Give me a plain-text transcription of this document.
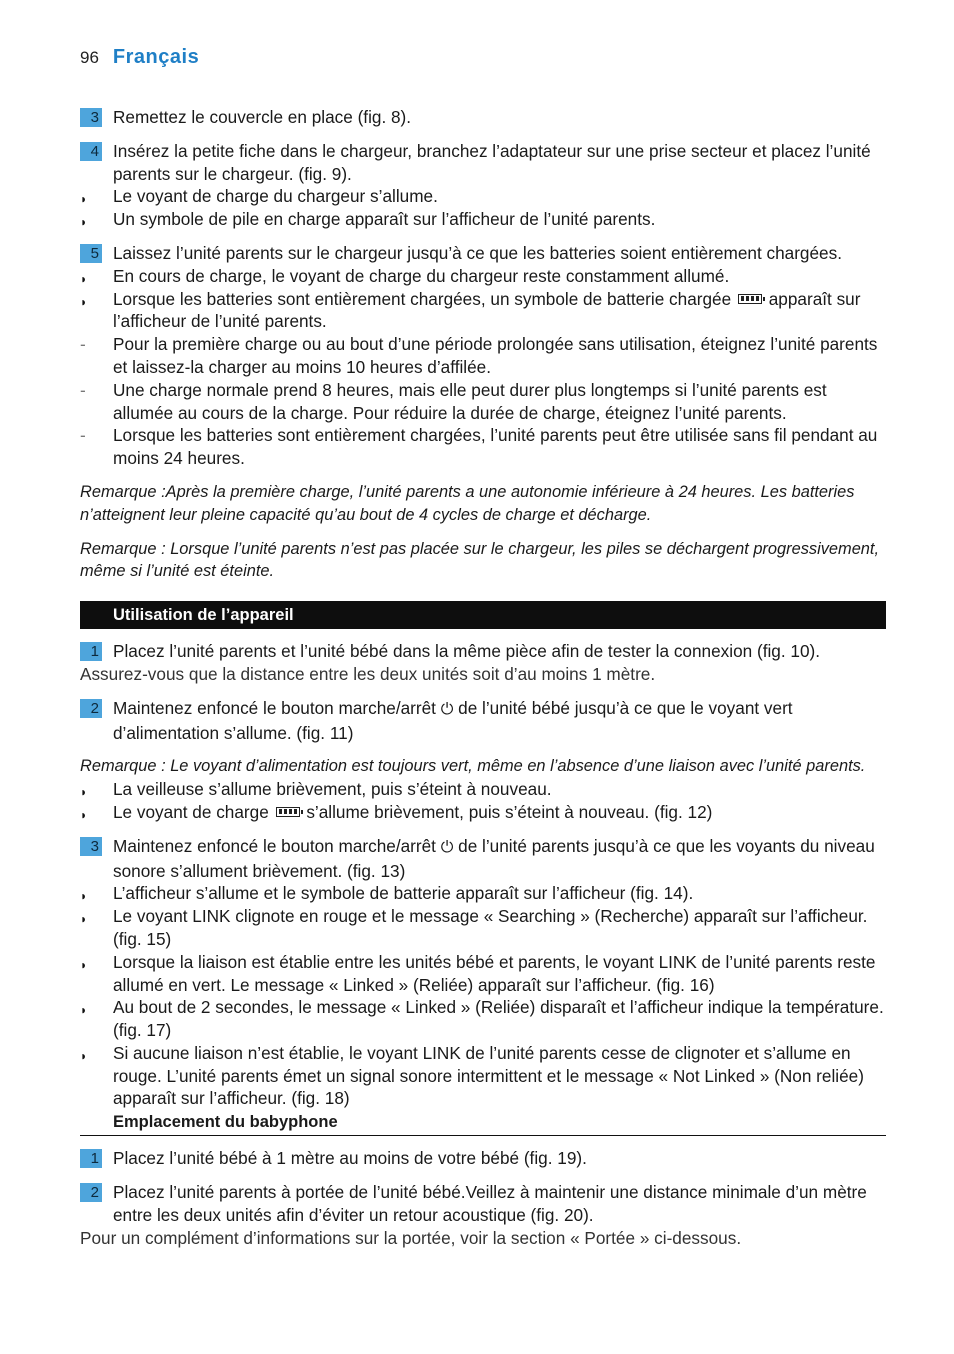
96 Français
3 Remettez le couvercle en place (fig. 8).
4 Insérez la petite fiche dans le chargeur, branchez l’adaptateur sur une prise secteur et placez l’unité parents sur le chargeur. (fig. 9).
◗	Le voyant de charge du chargeur s’allume.
◗	Un symbole de pile en charge apparaît sur l’afficheur de l’unité parents.
5 Laissez l’unité parents sur le chargeur jusqu’à ce que les batteries soient entièrement chargées.
◗	En cours de charge, le voyant de charge du chargeur reste constamment allumé.
◗	Lorsque les batteries sont entièrement chargées, un symbole de batterie chargée apparaît sur l’afficheur de l’unité parents.
-	Pour la première charge ou au bout d’une période prolongée sans utilisation, éteignez l’unité parents et laissez-la charger au moins 10 heures d’affilée.
-	Une charge normale prend 8 heures, mais elle peut durer plus longtemps si l’unité parents est allumée au cours de la charge. Pour réduire la durée de charge, éteignez l’unité parents.
-	Lorsque les batteries sont entièrement chargées, l’unité parents peut être utilisée sans fil pendant au moins 24 heures.
Remarque :Après la première charge, l’unité parents a une autonomie inférieure à 24 heures. Les batteries n’atteignent leur pleine capacité qu’au bout de 4 cycles de charge et décharge.
Remarque : Lorsque l’unité parents n’est pas placée sur le chargeur, les piles se déchargent progressivement, même si l’unité est éteinte.
Utilisation de l’appareil
1 Placez l’unité parents et l’unité bébé dans la même pièce afin de tester la connexion (fig. 10).
Assurez-vous que la distance entre les deux unités soit d’au moins 1 mètre.
2 Maintenez enfoncé le bouton marche/arrêt ⏻ de l’unité bébé jusqu’à ce que le voyant vert d’alimentation s’allume. (fig. 11)
Remarque : Le voyant d’alimentation est toujours vert, même en l’absence d’une liaison avec l’unité parents.
◗	La veilleuse s’allume brièvement, puis s’éteint à nouveau.
◗	Le voyant de charge s’allume brièvement, puis s’éteint à nouveau. (fig. 12)
3 Maintenez enfoncé le bouton marche/arrêt ⏻ de l’unité parents jusqu’à ce que les voyants du niveau sonore s’allument brièvement. (fig. 13)
◗	L’afficheur s’allume et le symbole de batterie apparaît sur l’afficheur (fig. 14).
◗	Le voyant LINK clignote en rouge et le message « Searching » (Recherche) apparaît sur l’afficheur. (fig. 15)
◗	Lorsque la liaison est établie entre les unités bébé et parents, le voyant LINK de l’unité parents reste allumé en vert. Le message « Linked » (Reliée) apparaît sur l’afficheur. (fig. 16)
◗	Au bout de 2 secondes, le message « Linked » (Reliée) disparaît et l’afficheur indique la température. (fig. 17)
◗	Si aucune liaison n’est établie, le voyant LINK de l’unité parents cesse de clignoter et s’allume en rouge. L’unité parents émet un signal sonore intermittent et le message « Not Linked » (Non reliée) apparaît sur l’afficheur. (fig. 18)
Emplacement du babyphone
1 Placez l’unité bébé à 1 mètre au moins de votre bébé (fig. 19).
2 Placez l’unité parents à portée de l’unité bébé.Veillez à maintenir une distance minimale d’un mètre entre les deux unités afin d’éviter un retour acoustique (fig. 20).
Pour un complément d’informations sur la portée, voir la section « Portée » ci-dessous.
